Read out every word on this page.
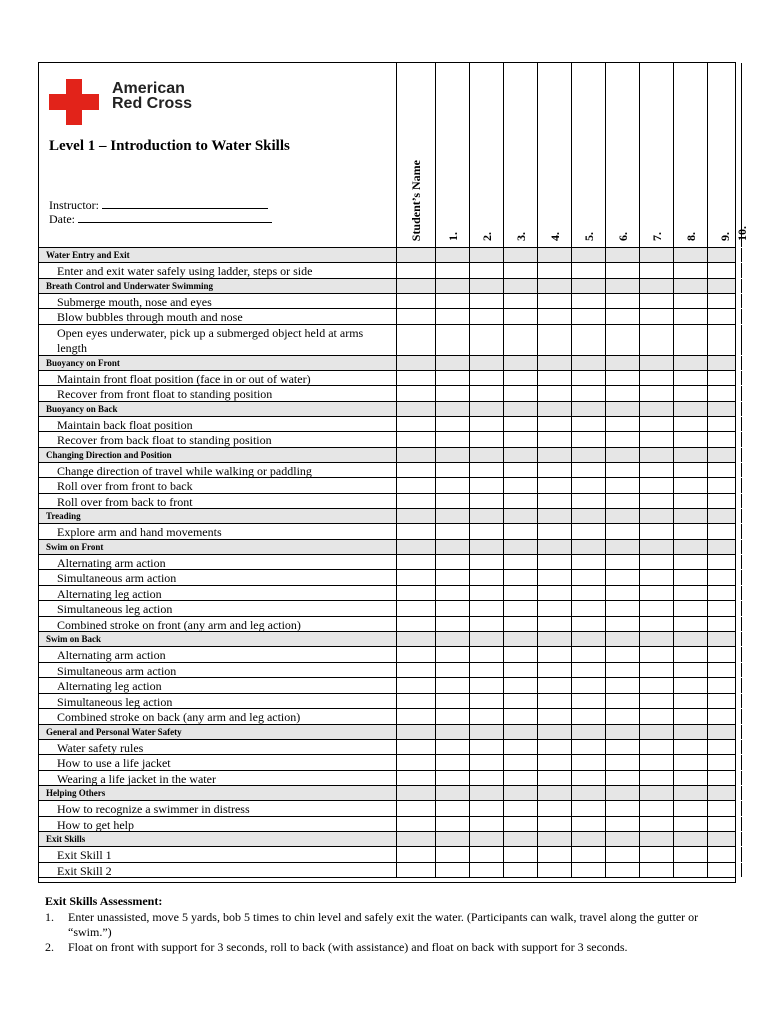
American
Red Cross
Level 1 – Introduction to Water Skills
Instructor:
Date:	Student’s Name 1. 2. 3. 4. 5. 6. 7. 8. 9. 10.
Water Entry and Exit
Enter and exit water safely using ladder, steps or side
Breath Control and Underwater Swimming
Submerge mouth, nose and eyes
Blow bubbles through mouth and nose
Open eyes underwater, pick up a submerged object held at arms length
Buoyancy on Front
Maintain front float position (face in or out of water)
Recover from front float to standing position
Buoyancy on Back
Maintain back float position
Recover from back float to standing position
Changing Direction and Position
Change direction of travel while walking or paddling
Roll over from front to back
Roll over from back to front
Treading
Explore arm and hand movements
Swim on Front
Alternating arm action
Simultaneous arm action
Alternating leg action
Simultaneous leg action
Combined stroke on front (any arm and leg action)
Swim on Back
Alternating arm action
Simultaneous arm action
Alternating leg action
Simultaneous leg action
Combined stroke on back (any arm and leg action)
General and Personal Water Safety
Water safety rules
How to use a life jacket
Wearing a life jacket in the water
Helping Others
How to recognize a swimmer in distress
How to get help
Exit Skills
Exit Skill 1
Exit Skill 2
Exit Skills Assessment:
1. Enter unassisted, move 5 yards, bob 5 times to chin level and safely exit the water. (Participants can walk, travel along the gutter or “swim.”)
2. Float on front with support for 3 seconds, roll to back (with assistance) and float on back with support for 3 seconds.
